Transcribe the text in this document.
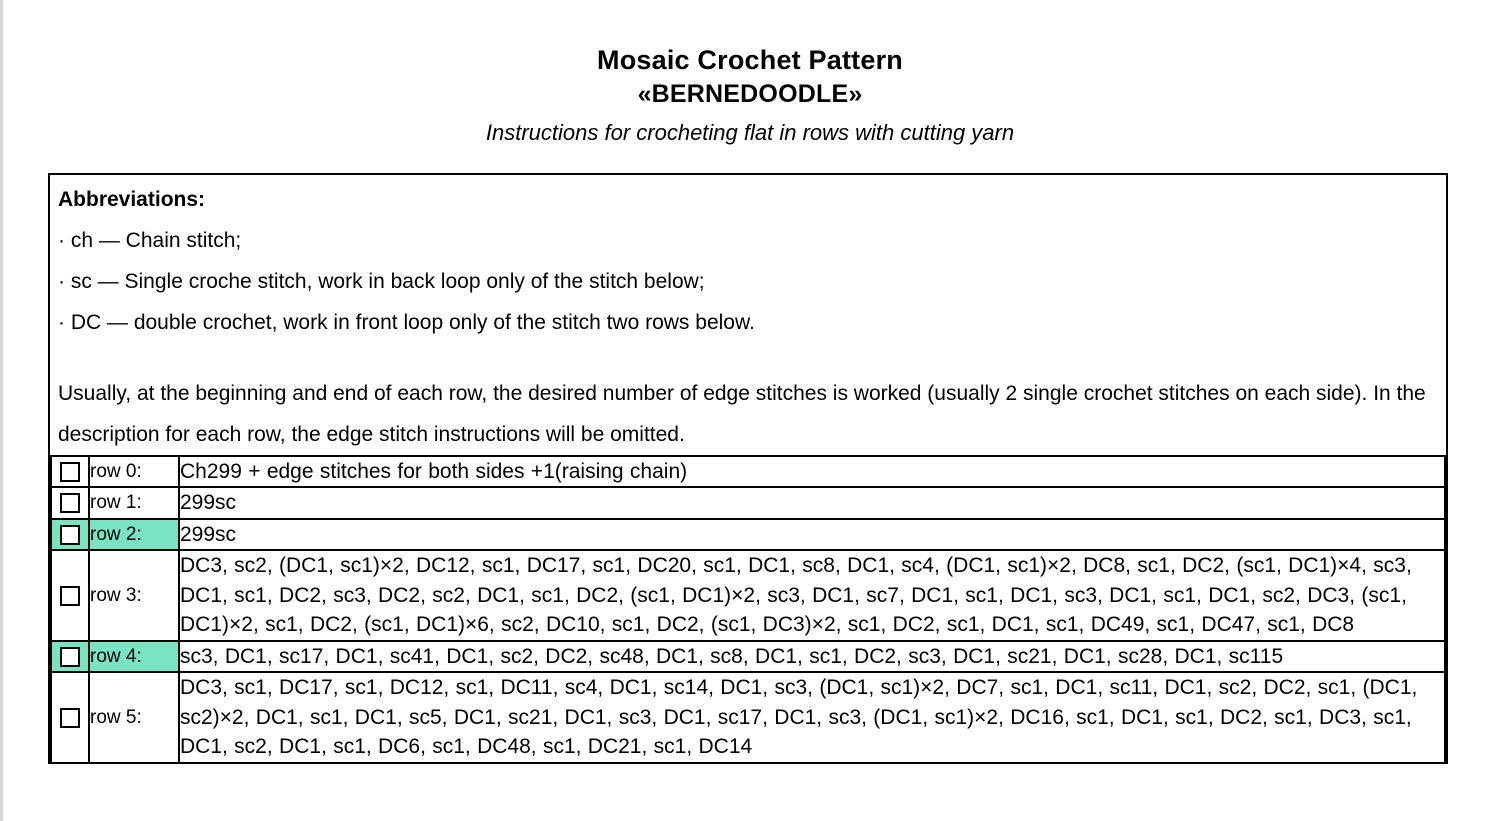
Mosaic Crochet Pattern
«BERNEDOODLE»
Instructions for crocheting flat in rows with cutting yarn

Abbreviations:

· ch — Chain stitch;

· sc — Single croche stitch, work in back loop only of the stitch below;

· DC — double crochet, work in front loop only of the stitch two rows below.

Usually, at the beginning and end of each row, the desired number of edge stitches is worked (usually 2 single crochet stitches on each side). In the description for each row, the edge stitch instructions will be omitted.

	row 0:	Ch299 + edge stitches for both sides +1(raising chain)
	row 1:	299sc
	row 2:	299sc
	row 3:	DC3, sc2, (DC1, sc1)×2, DC12, sc1, DC17, sc1, DC20, sc1, DC1, sc8, DC1, sc4, (DC1, sc1)×2, DC8, sc1, DC2, (sc1, DC1)×4, sc3, DC1, sc1, DC2, sc3, DC2, sc2, DC1, sc1, DC2, (sc1, DC1)×2, sc3, DC1, sc7, DC1, sc1, DC1, sc3, DC1, sc1, DC1, sc2, DC3, (sc1, DC1)×2, sc1, DC2, (sc1, DC1)×6, sc2, DC10, sc1, DC2, (sc1, DC3)×2, sc1, DC2, sc1, DC1, sc1, DC49, sc1, DC47, sc1, DC8
	row 4:	sc3, DC1, sc17, DC1, sc41, DC1, sc2, DC2, sc48, DC1, sc8, DC1, sc1, DC2, sc3, DC1, sc21, DC1, sc28, DC1, sc115
	row 5:	DC3, sc1, DC17, sc1, DC12, sc1, DC11, sc4, DC1, sc14, DC1, sc3, (DC1, sc1)×2, DC7, sc1, DC1, sc11, DC1, sc2, DC2, sc1, (DC1, sc2)×2, DC1, sc1, DC1, sc5, DC1, sc21, DC1, sc3, DC1, sc17, DC1, sc3, (DC1, sc1)×2, DC16, sc1, DC1, sc1, DC2, sc1, DC3, sc1, DC1, sc2, DC1, sc1, DC6, sc1, DC48, sc1, DC21, sc1, DC14
